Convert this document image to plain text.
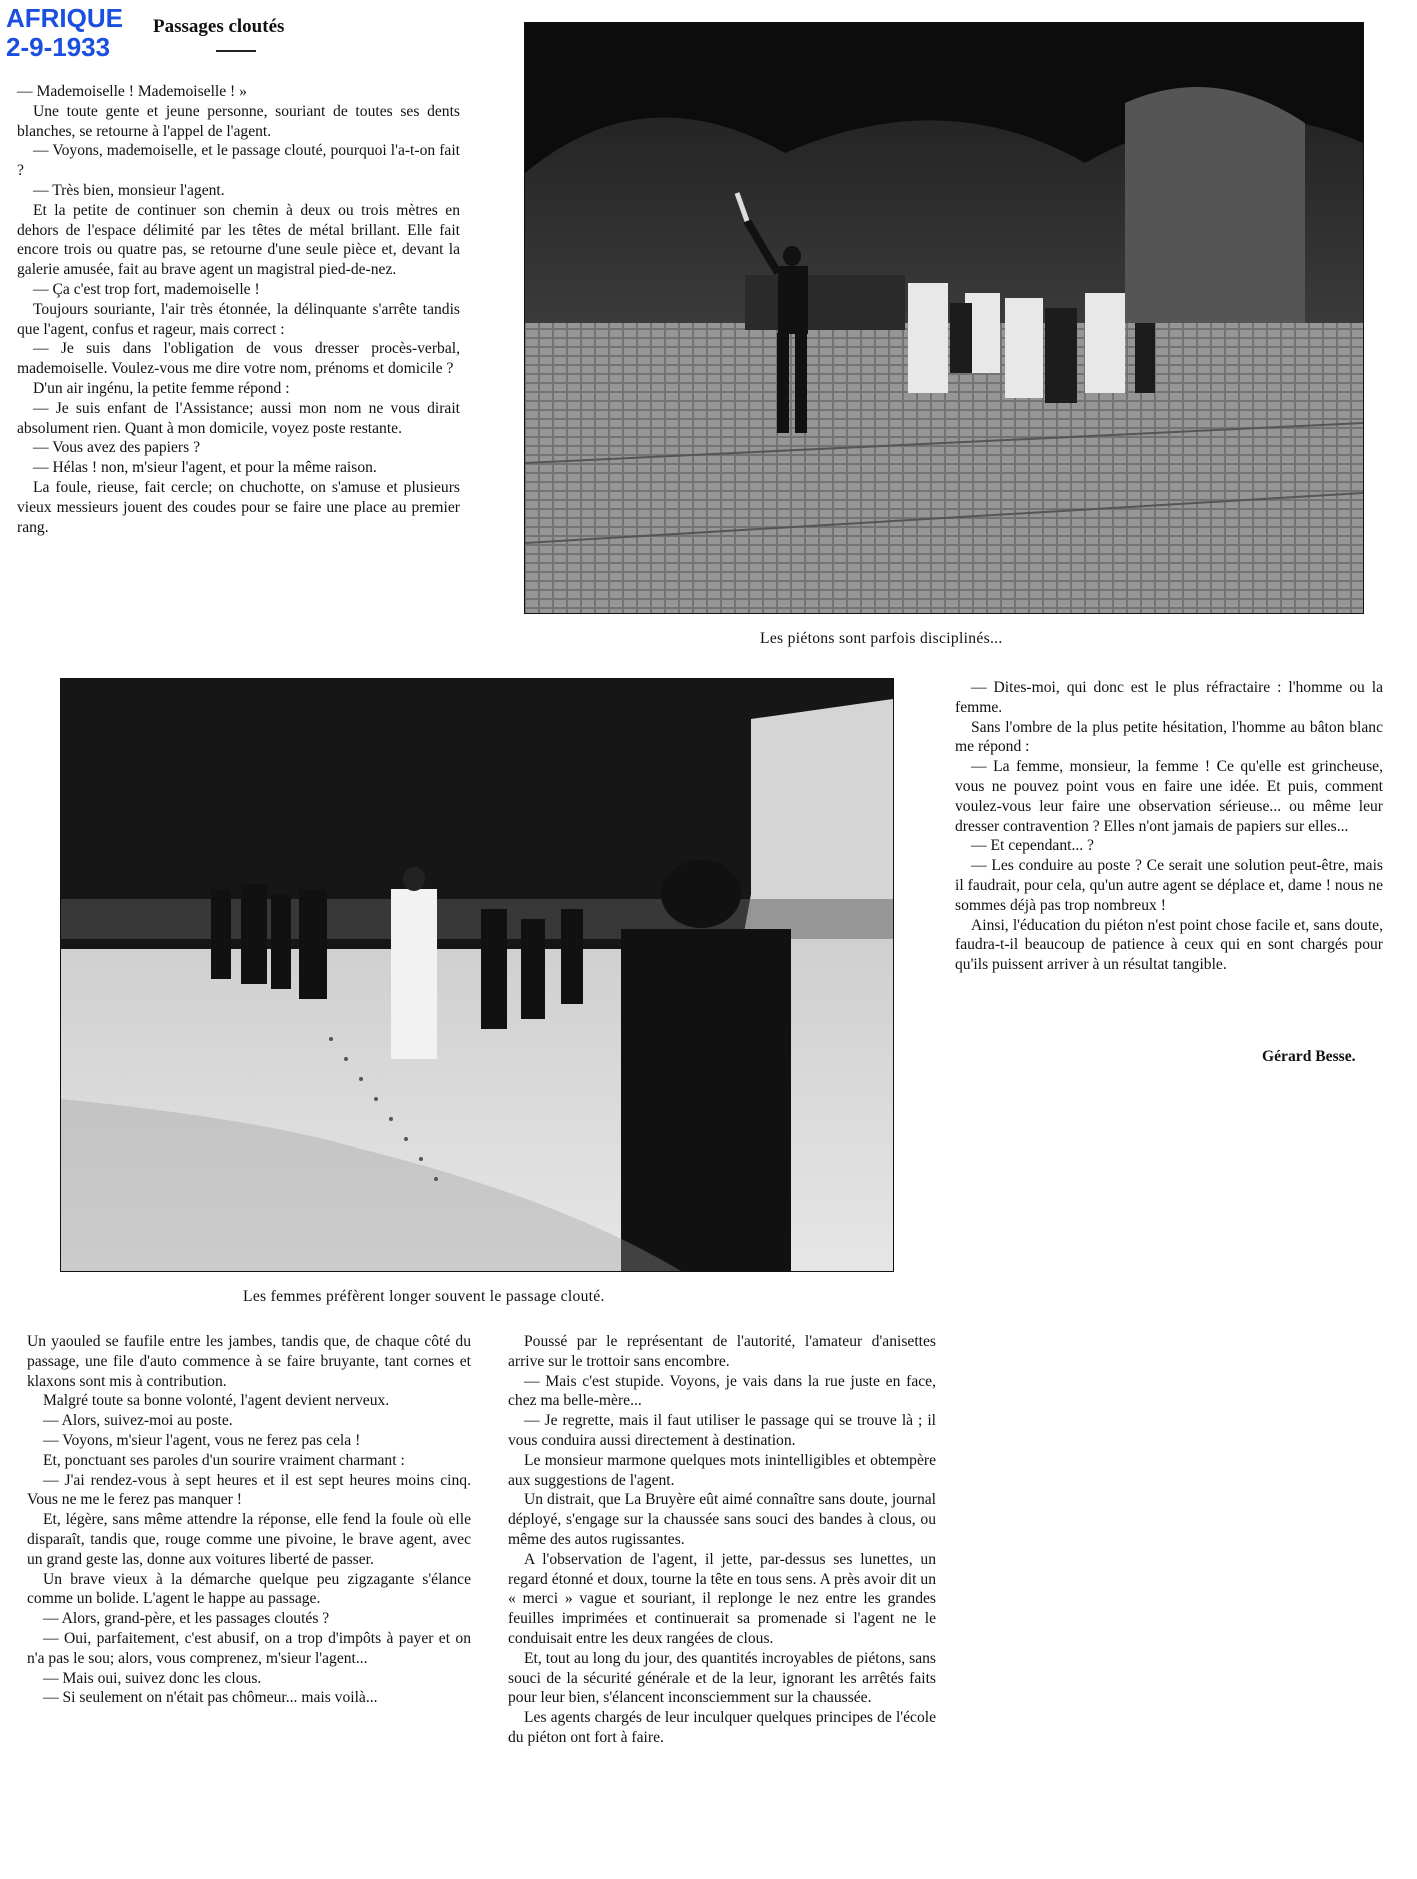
AFRIQUE
2-9-1933
Passages cloutés

— Mademoiselle ! Mademoiselle ! »

Une toute gente et jeune personne, souriant de toutes ses dents blanches, se retourne à l'appel de l'agent.

— Voyons, mademoiselle, et le passage clouté, pourquoi l'a-t-on fait ?

— Très bien, monsieur l'agent.

Et la petite de continuer son chemin à deux ou trois mètres en dehors de l'espace délimité par les têtes de métal brillant. Elle fait encore trois ou quatre pas, se retourne d'une seule pièce et, devant la galerie amusée, fait au brave agent un magistral pied-de-nez.

— Ça c'est trop fort, mademoiselle !

Toujours souriante, l'air très étonnée, la délinquante s'arrête tandis que l'agent, confus et rageur, mais correct :

— Je suis dans l'obligation de vous dresser procès-verbal, mademoiselle. Voulez-vous me dire votre nom, prénoms et domicile ?

D'un air ingénu, la petite femme répond :

— Je suis enfant de l'Assistance; aussi mon nom ne vous dirait absolument rien. Quant à mon domicile, voyez poste restante.

— Vous avez des papiers ?

— Hélas ! non, m'sieur l'agent, et pour la même raison.

La foule, rieuse, fait cercle; on chuchotte, on s'amuse et plusieurs vieux messieurs jouent des coudes pour se faire une place au premier rang.

Les piétons sont parfois disciplinés...
Les femmes préfèrent longer souvent le passage clouté.

— Dites-moi, qui donc est le plus réfractaire : l'homme ou la femme.

Sans l'ombre de la plus petite hésitation, l'homme au bâton blanc me répond :

— La femme, monsieur, la femme ! Ce qu'elle est grincheuse, vous ne pouvez point vous en faire une idée. Et puis, comment voulez-vous leur faire une observation sérieuse... ou même leur dresser contravention ? Elles n'ont jamais de papiers sur elles...

— Et cependant... ?

— Les conduire au poste ? Ce serait une solution peut-être, mais il faudrait, pour cela, qu'un autre agent se déplace et, dame ! nous ne sommes déjà pas trop nombreux !

Ainsi, l'éducation du piéton n'est point chose facile et, sans doute, faudra-t-il beaucoup de patience à ceux qui en sont chargés pour qu'ils puissent arriver à un résultat tangible.

Gérard Besse.

Un yaouled se faufile entre les jambes, tandis que, de chaque côté du passage, une file d'auto commence à se faire bruyante, tant cornes et klaxons sont mis à contribution.

Malgré toute sa bonne volonté, l'agent devient nerveux.

— Alors, suivez-moi au poste.

— Voyons, m'sieur l'agent, vous ne ferez pas cela !

Et, ponctuant ses paroles d'un sourire vraiment charmant :

— J'ai rendez-vous à sept heures et il est sept heures moins cinq. Vous ne me le ferez pas manquer !

Et, légère, sans même attendre la réponse, elle fend la foule où elle disparaît, tandis que, rouge comme une pivoine, le brave agent, avec un grand geste las, donne aux voitures liberté de passer.

Un brave vieux à la démarche quelque peu zigzagante s'élance comme un bolide. L'agent le happe au passage.

— Alors, grand-père, et les passages cloutés ?

— Oui, parfaitement, c'est abusif, on a trop d'impôts à payer et on n'a pas le sou; alors, vous comprenez, m'sieur l'agent...

— Mais oui, suivez donc les clous.

— Si seulement on n'était pas chômeur... mais voilà...

Poussé par le représentant de l'autorité, l'amateur d'anisettes arrive sur le trottoir sans encombre.

— Mais c'est stupide. Voyons, je vais dans la rue juste en face, chez ma belle-mère...

— Je regrette, mais il faut utiliser le passage qui se trouve là ; il vous conduira aussi directement à destination.

Le monsieur marmone quelques mots inintelligibles et obtempère aux suggestions de l'agent.

Un distrait, que La Bruyère eût aimé connaître sans doute, journal déployé, s'engage sur la chaussée sans souci des bandes à clous, ou même des autos rugissantes.

A l'observation de l'agent, il jette, par-dessus ses lunettes, un regard étonné et doux, tourne la tête en tous sens. A près avoir dit un « merci » vague et souriant, il replonge le nez entre les grandes feuilles imprimées et continuerait sa promenade si l'agent ne le conduisait entre les deux rangées de clous.

Et, tout au long du jour, des quantités incroyables de piétons, sans souci de la sécurité générale et de la leur, ignorant les arrêtés faits pour leur bien, s'élancent inconsciemment sur la chaussée.

Les agents chargés de leur inculquer quelques principes de l'école du piéton ont fort à faire.
